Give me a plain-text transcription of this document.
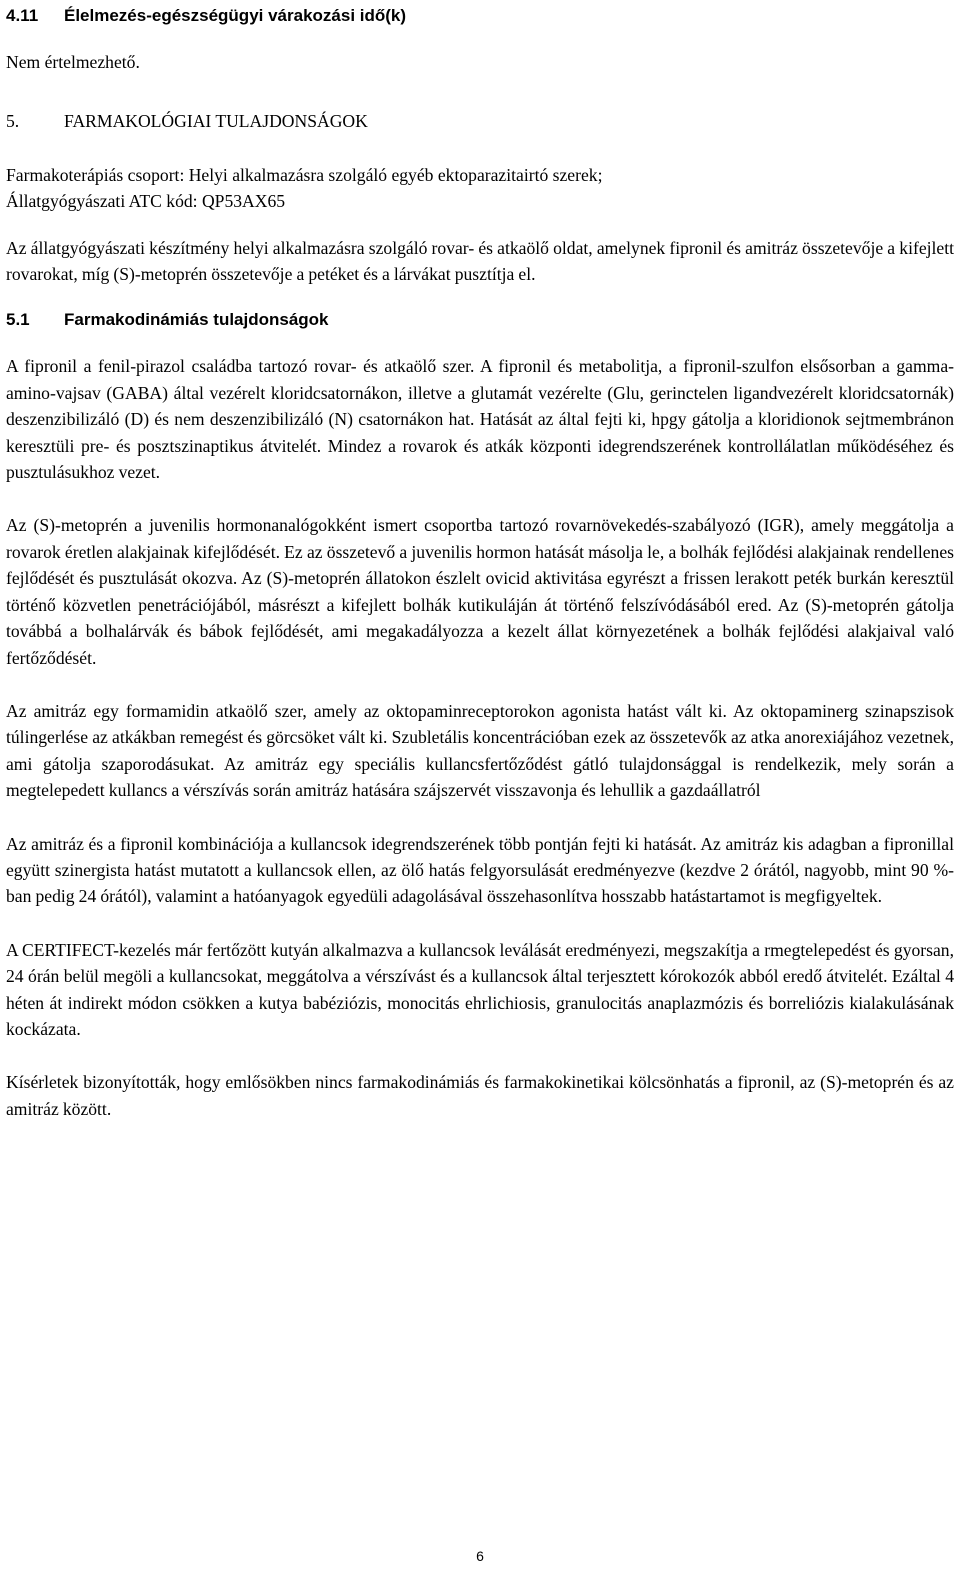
4.11 Élelmezés-egészségügyi várakozási idő(k)
Nem értelmezhető.
5.	FARMAKOLÓGIAI TULAJDONSÁGOK
Farmakoterápiás csoport: Helyi alkalmazásra szolgáló egyéb ektoparazitairtó szerek;
Állatgyógyászati ATC kód: QP53AX65
Az állatgyógyászati készítmény helyi alkalmazásra szolgáló rovar- és atkaölő oldat, amelynek fipronil és amitráz összetevője a kifejlett rovarokat, míg (S)-metoprén összetevője a petéket és a lárvákat pusztítja el.
5.1 Farmakodinámiás tulajdonságok
A fipronil a fenil-pirazol családba tartozó rovar- és atkaölő szer. A fipronil és metabolitja, a fipronil-szulfon elsősorban a gamma-amino-vajsav (GABA) által vezérelt kloridcsatornákon, illetve a glutamát vezérelte (Glu, gerinctelen ligandvezérelt kloridcsatornák) deszenzibilizáló (D) és nem deszenzibilizáló (N) csatornákon hat. Hatását az által fejti ki, hpgy gátolja a kloridionok sejtmembránon keresztüli pre- és posztszinaptikus átvitelét. Mindez a rovarok és atkák központi idegrendszerének kontrollálatlan működéséhez és pusztulásukhoz vezet.
Az (S)-metoprén a juvenilis hormonanalógokként ismert csoportba tartozó rovarnövekedés-szabályozó (IGR), amely meggátolja a rovarok éretlen alakjainak kifejlődését. Ez az összetevő a juvenilis hormon hatását másolja le, a bolhák fejlődési alakjainak rendellenes fejlődését és pusztulását okozva. Az (S)-metoprén állatokon észlelt ovicid aktivitása egyrészt a frissen lerakott peték burkán keresztül történő közvetlen penetrációjából, másrészt a kifejlett bolhák kutikuláján át történő felszívódásából ered. Az (S)-metoprén gátolja továbbá a bolhalárvák és bábok fejlődését, ami megakadályozza a kezelt állat környezetének a bolhák fejlődési alakjaival való fertőződését.
Az amitráz egy formamidin atkaölő szer, amely az oktopaminreceptorokon agonista hatást vált ki. Az oktopaminerg szinapszisok túlingerlése az atkákban remegést és görcsöket vált ki. Szubletális koncentrációban ezek az összetevők az atka anorexiájához vezetnek, ami gátolja szaporodásukat. Az amitráz egy speciális kullancsfertőződést gátló tulajdonsággal is rendelkezik, mely során a megtelepedett kullancs a vérszívás során amitráz hatására szájszervét visszavonja és lehullik a gazdaállatról
Az amitráz és a fipronil kombinációja a kullancsok idegrendszerének több pontján fejti ki hatását. Az amitráz kis adagban a fipronillal együtt szinergista hatást mutatott a kullancsok ellen, az ölő hatás felgyorsulását eredményezve (kezdve 2 órától, nagyobb, mint 90 %-ban pedig 24 órától), valamint a hatóanyagok egyedüli adagolásával összehasonlítva hosszabb hatástartamot is megfigyeltek.
A CERTIFECT-kezelés már fertőzött kutyán alkalmazva a kullancsok leválását eredményezi, megszakítja a rmegtelepedést és gyorsan, 24 órán belül megöli a kullancsokat, meggátolva a vérszívást és a kullancsok által terjesztett kórokozók abból eredő átvitelét. Ezáltal 4 héten át indirekt módon csökken a kutya babéziózis, monocitás ehrlichiosis, granulocitás anaplazmózis és borreliózis kialakulásának kockázata.
Kísérletek bizonyították, hogy emlősökben nincs farmakodinámiás és farmakokinetikai kölcsönhatás a fipronil, az (S)-metoprén és az amitráz között.
6
